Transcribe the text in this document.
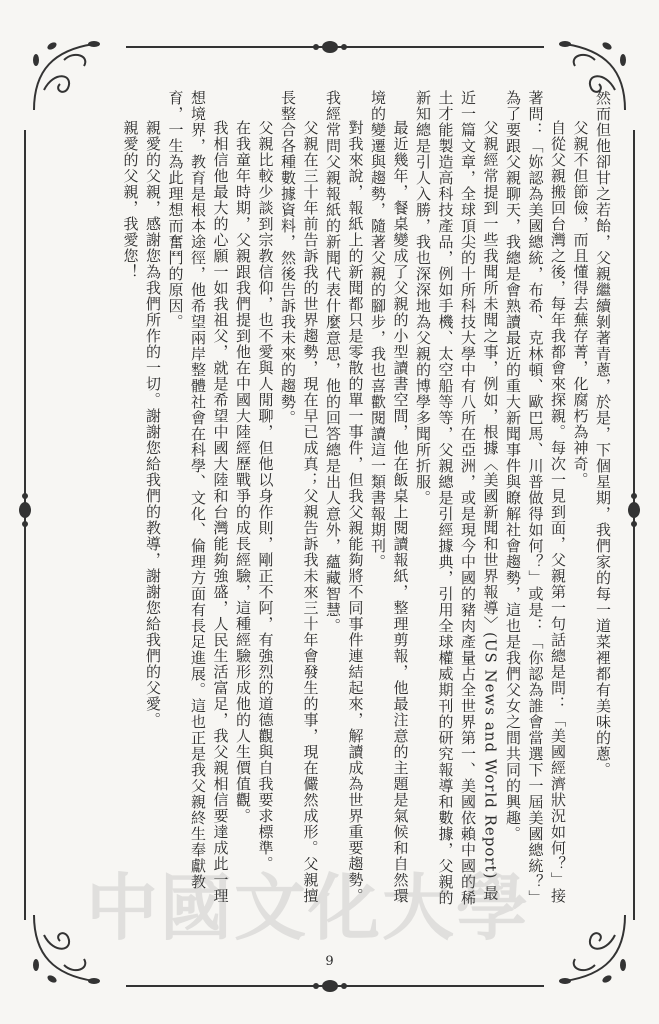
然而但他卻甘之若飴，父親繼續剝著青蔥，於是，下個星期，我們家的每一道菜裡都有美味的蔥。

父親不但節儉，而且懂得去蕪存菁，化腐朽為神奇。

自從父親搬回台灣之後，每年我都會來探親。每次一見到面，父親第一句話總是問：「美國經濟狀況如何？」接著問：「妳認為美國總統，布希、克林頓、歐巴馬、川普做得如何？」或是：「你認為誰會當選下一屆美國總統？」為了要跟父親聊天，我總是會熟讀最近的重大新聞事件與瞭解社會趨勢，這也是我們父女之間共同的興趣。

父親經常提到一些我聞所未聞之事，例如，根據〈美國新聞和世界報導〉(US News and World Report) 最近一篇文章，全球頂尖的十所科技大學中有八所在亞洲，或是現今中國的豬肉產量占全世界第一、美國依賴中國的稀土才能製造高科技產品，例如手機、太空船等等，父親總是引經據典，引用全球權威期刊的研究報導和數據，父親的新知總是引人入勝，我也深深地為父親的博學多聞所折服。

最近幾年，餐桌變成了父親的小型讀書空間，他在飯桌上閱讀報紙，整理剪報，他最注意的主題是氣候和自然環境的變遷與趨勢，隨著父親的腳步，我也喜歡閱讀這一類書報期刊。

對我來說，報紙上的新聞都只是零散的單一事件，但我父親能夠將不同事件連結起來，解讀成為世界重要趨勢。我經常問父親報紙的新聞代表什麼意思，他的回答總是出人意外，蘊藏智慧。

父親在三十年前告訴我的世界趨勢，現在早已成真；父親告訴我未來三十年會發生的事，現在儼然成形。父親擅長整合各種數據資料，然後告訴我未來的趨勢。

父親比較少談到宗教信仰，也不愛與人閒聊，但他以身作則，剛正不阿，有強烈的道德觀與自我要求標準。

在我童年時期，父親跟我們提到他在中國大陸經歷戰爭的成長經驗，這種經驗形成他的人生價值觀。

我相信他最大的心願一如我祖父，就是希望中國大陸和台灣能夠強盛，人民生活富足，我父親相信要達成此一理想境界，教育是根本途徑，他希望兩岸整體社會在科學、文化、倫理方面有長足進展。這也正是我父親終生奉獻教育，一生為此理想而奮鬥的原因。

親愛的父親，感謝您為我們所作的一切。謝謝您給我們的教導，謝謝您給我們的父愛。

親愛的父親，我愛您！

中國文化大學
9
